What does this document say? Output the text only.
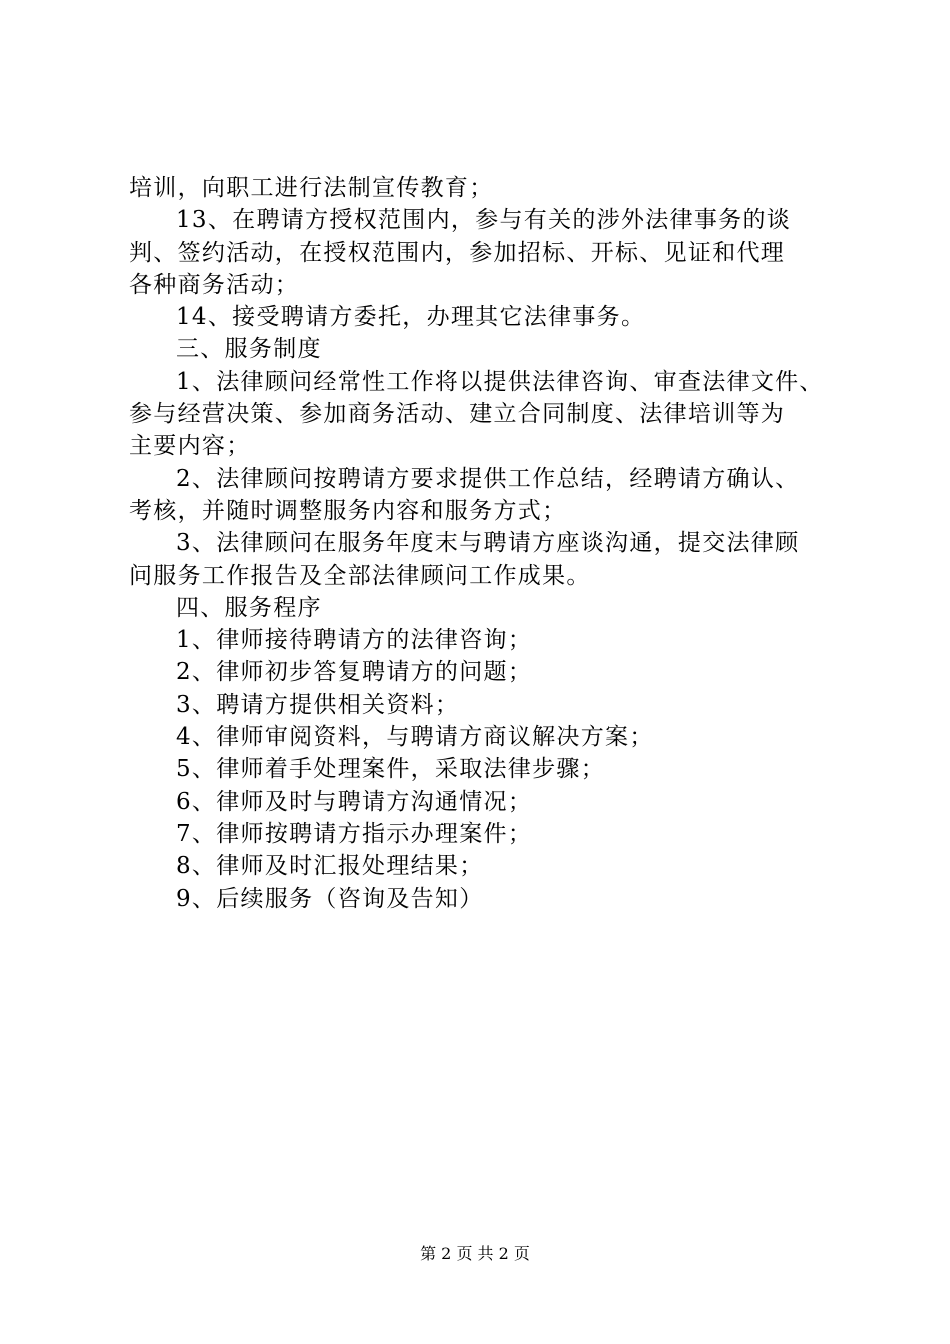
培训，向职工进行法制宣传教育；
13、在聘请方授权范围内，参与有关的涉外法律事务的谈
判、签约活动，在授权范围内，参加招标、开标、见证和代理
各种商务活动；
14、接受聘请方委托，办理其它法律事务。
三、服务制度
1、法律顾问经常性工作将以提供法律咨询、审查法律文件、
参与经营决策、参加商务活动、建立合同制度、法律培训等为
主要内容；
2、法律顾问按聘请方要求提供工作总结，经聘请方确认、
考核，并随时调整服务内容和服务方式；
3、法律顾问在服务年度末与聘请方座谈沟通，提交法律顾
问服务工作报告及全部法律顾问工作成果。
四、服务程序
1、律师接待聘请方的法律咨询；
2、律师初步答复聘请方的问题；
3、聘请方提供相关资料；
4、律师审阅资料，与聘请方商议解决方案；
5、律师着手处理案件，采取法律步骤；
6、律师及时与聘请方沟通情况；
7、律师按聘请方指示办理案件；
8、律师及时汇报处理结果；
9、后续服务（咨询及告知）
第 2 页 共 2 页
